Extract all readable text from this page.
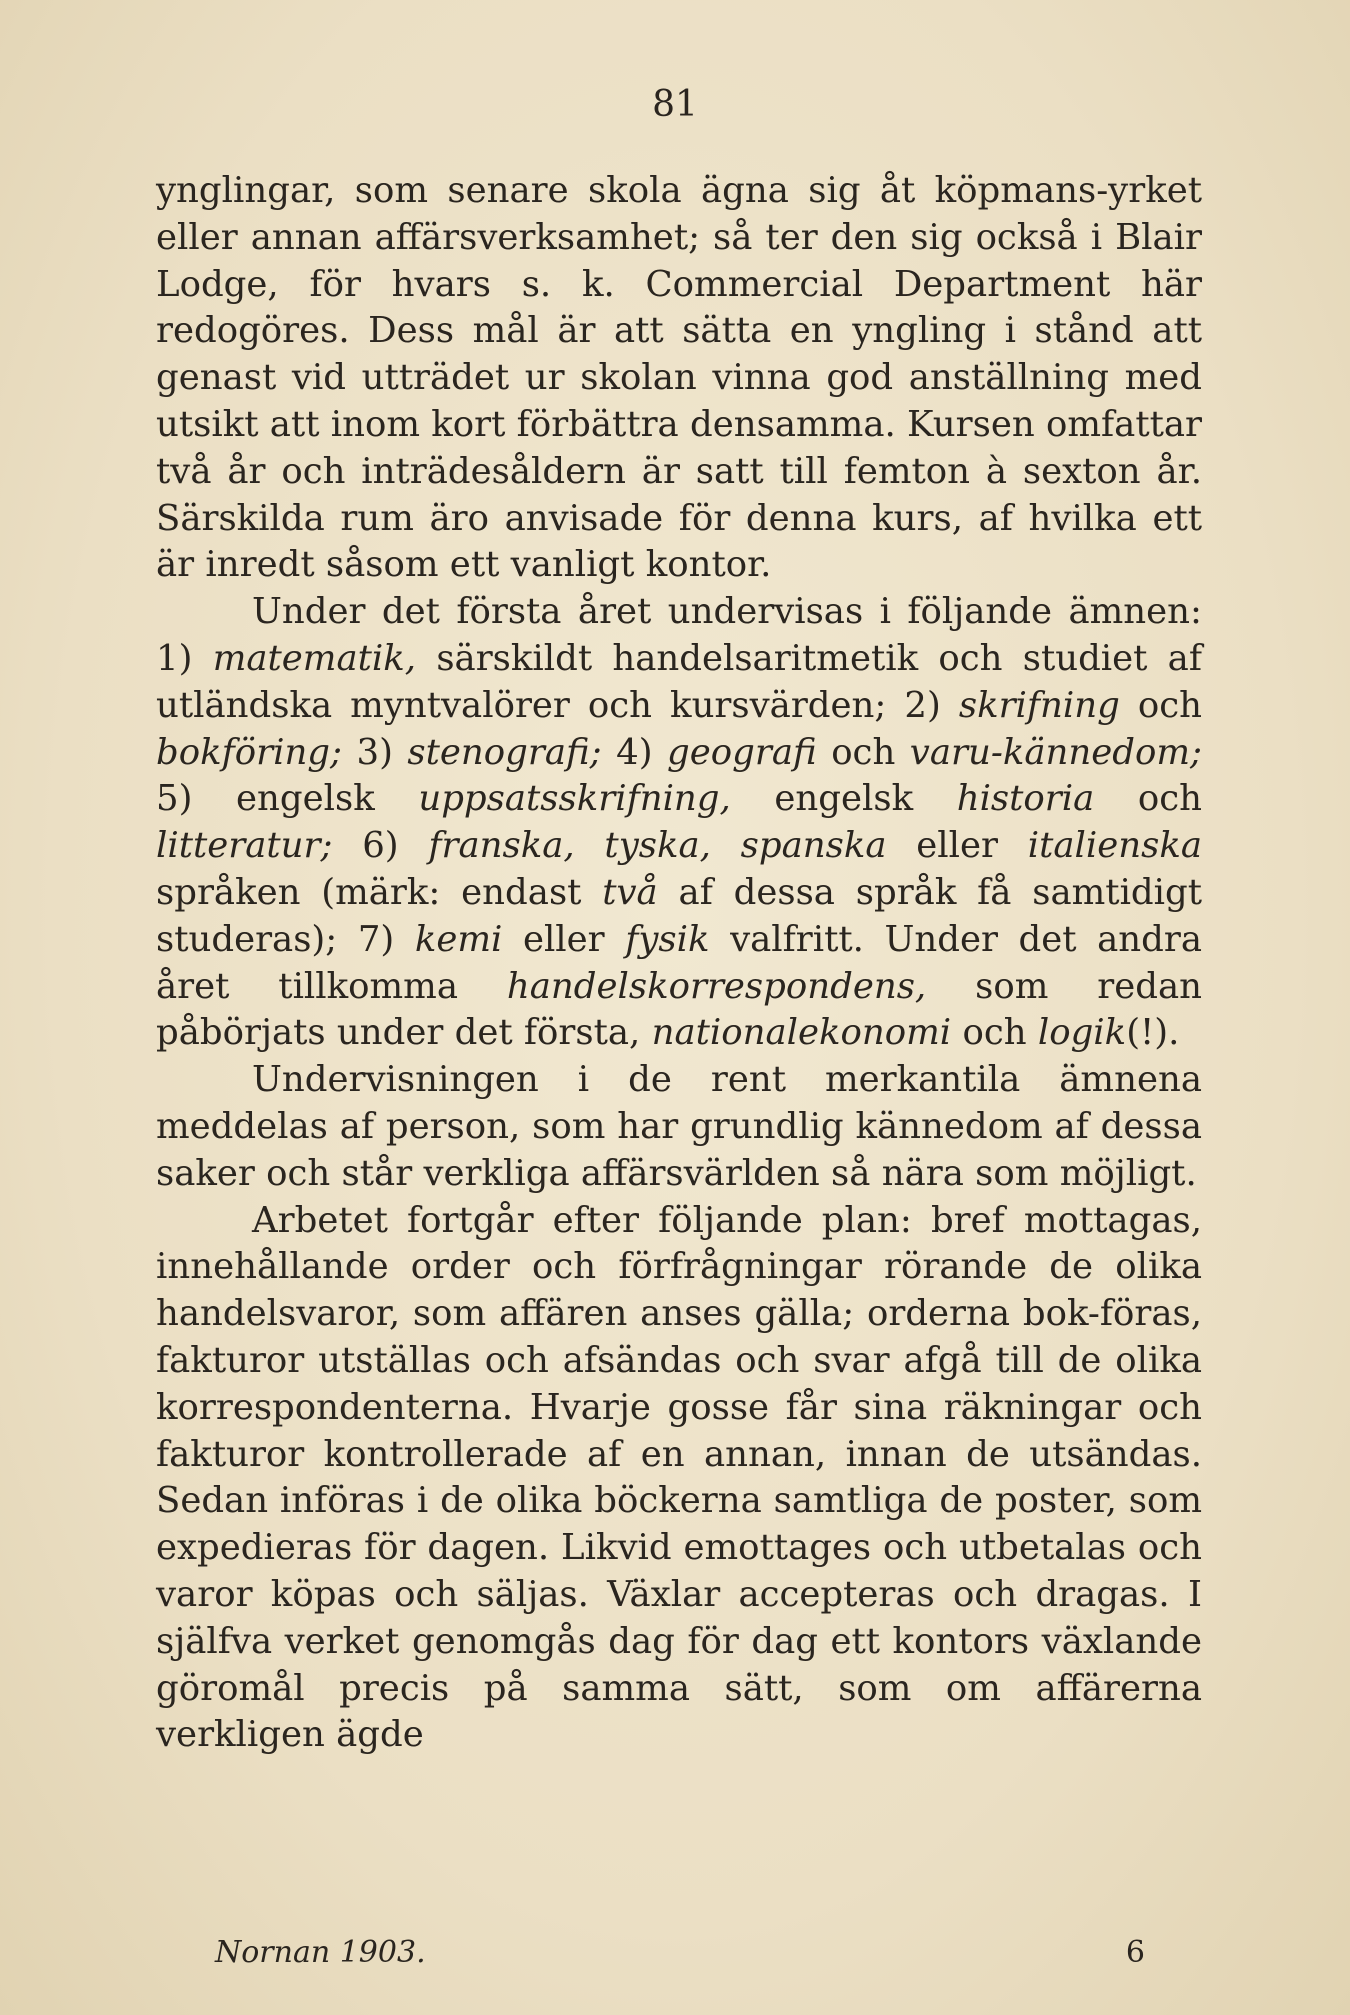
81

ynglingar, som senare skola ägna sig åt köpmans-yrket eller annan affärsverksamhet; så ter den sig också i Blair Lodge, för hvars s. k. Commercial Department här redogöres. Dess mål är att sätta en yngling i stånd att genast vid utträdet ur skolan vinna god anställning med utsikt att inom kort förbättra densamma. Kursen omfattar två år och inträdesåldern är satt till femton à sexton år. Särskilda rum äro anvisade för denna kurs, af hvilka ett är inredt såsom ett vanligt kontor.

Under det första året undervisas i följande ämnen: 1) matematik, särskildt handelsaritmetik och studiet af utländska myntvalörer och kursvärden; 2) skrifning och bokföring; 3) stenografi; 4) geografi och varu-kännedom; 5) engelsk uppsatsskrifning, engelsk historia och litteratur; 6) franska, tyska, spanska eller italienska språken (märk: endast två af dessa språk få samtidigt studeras); 7) kemi eller fysik valfritt. Under det andra året tillkomma handelskorrespondens, som redan påbörjats under det första, nationalekonomi och logik(!).

Undervisningen i de rent merkantila ämnena meddelas af person, som har grundlig kännedom af dessa saker och står verkliga affärsvärlden så nära som möjligt.

Arbetet fortgår efter följande plan: bref mottagas, innehållande order och förfrågningar rörande de olika handelsvaror, som affären anses gälla; orderna bok-föras, fakturor utställas och afsändas och svar afgå till de olika korrespondenterna. Hvarje gosse får sina räkningar och fakturor kontrollerade af en annan, innan de utsändas. Sedan införas i de olika böckerna samtliga de poster, som expedieras för dagen. Likvid emottages och utbetalas och varor köpas och säljas. Växlar accepteras och dragas. I själfva verket genomgås dag för dag ett kontors växlande göromål precis på samma sätt, som om affärerna verkligen ägde

Nornan 1903.	6
